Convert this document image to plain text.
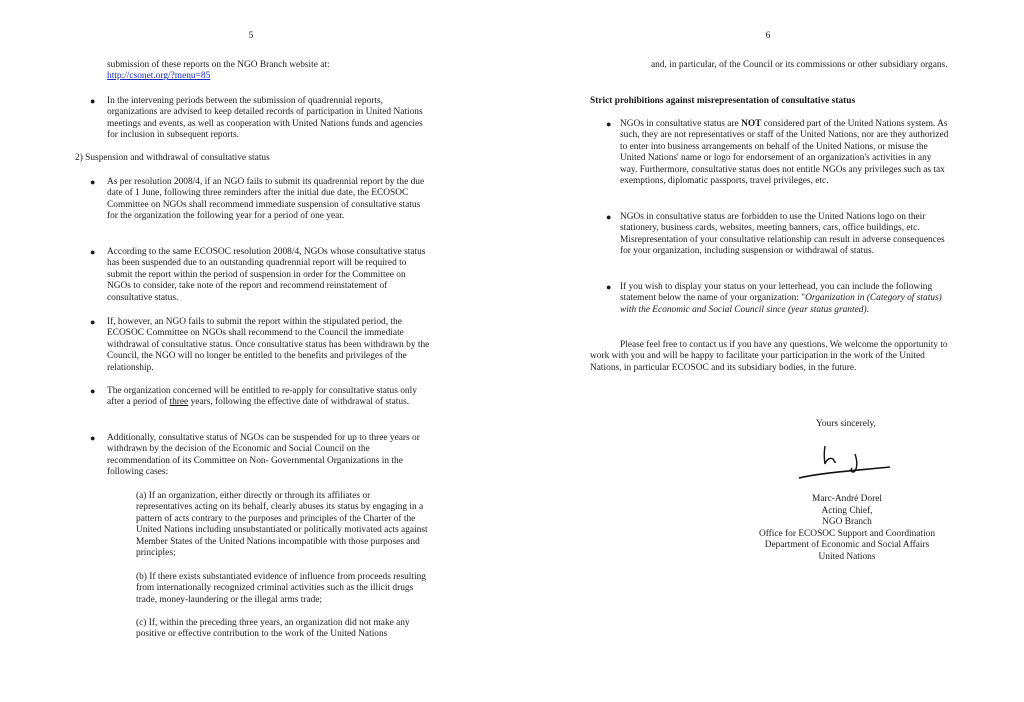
5
submission of these reports on the NGO Branch website at:
http://csonet.org/?menu=85
● In the intervening periods between the submission of quadrennial reports, organizations are advised to keep detailed records of participation in United Nations meetings and events, as well as cooperation with United Nations funds and agencies for inclusion in subsequent reports.

2) Suspension and withdrawal of consultative status
● As per resolution 2008/4, if an NGO fails to submit its quadrennial report by the due date of 1 June, following three reminders after the initial due date, the ECOSOC Committee on NGOs shall recommend immediate suspension of consultative status for the organization the following year for a period of one year.

● According to the same ECOSOC resolution 2008/4, NGOs whose consultative status has been suspended due to an outstanding quadrennial report will be required to submit the report within the period of suspension in order for the Committee on NGOs to consider, take note of the report and recommend reinstatement of consultative status.

● If, however, an NGO fails to submit the report within the stipulated period, the ECOSOC Committee on NGOs shall recommend to the Council the immediate withdrawal of consultative status. Once consultative status has been withdrawn by the Council, the NGO will no longer be entitled to the benefits and privileges of the relationship.

● The organization concerned will be entitled to re-apply for consultative status only after a period of three years, following the effective date of withdrawal of status.

● Additionally, consultative status of NGOs can be suspended for up to three years or withdrawn by the decision of the Economic and Social Council on the recommendation of its Committee on Non- Governmental Organizations in the following cases:

(a) If an organization, either directly or through its affiliates or representatives acting on its behalf, clearly abuses its status by engaging in a pattern of acts contrary to the purposes and principles of the Charter of the United Nations including unsubstantiated or politically motivated acts against Member States of the United Nations incompatible with those purposes and principles;
(b) If there exists substantiated evidence of influence from proceeds resulting from internationally recognized criminal activities such as the illicit drugs trade, money-laundering or the illegal arms trade;
(c) If, within the preceding three years, an organization did not make any positive or effective contribution to the work of the United Nations
6
and, in particular, of the Council or its commissions or other subsidiary organs.
Strict prohibitions against misrepresentation of consultative status
● NGOs in consultative status are NOT considered part of the United Nations system. As such, they are not representatives or staff of the United Nations, nor are they authorized to enter into business arrangements on behalf of the United Nations, or misuse the United Nations' name or logo for endorsement of an organization's activities in any way. Furthermore, consultative status does not entitle NGOs any privileges such as tax exemptions, diplomatic passports, travel privileges, etc.

● NGOs in consultative status are forbidden to use the United Nations logo on their stationery, business cards, websites, meeting banners, cars, office buildings, etc. Misrepresentation of your consultative relationship can result in adverse consequences for your organization, including suspension or withdrawal of status.

● If you wish to display your status on your letterhead, you can include the following statement below the name of your organization: "Organization in (Category of status) with the Economic and Social Council since (year status granted).

Please feel free to contact us if you have any questions. We welcome the opportunity to work with you and will be happy to facilitate your participation in the work of the United Nations, in particular ECOSOC and its subsidiary bodies, in the future.
Yours sincerely,
Marc-André Dorel
Acting Chief,
NGO Branch
Office for ECOSOC Support and Coordination
Department of Economic and Social Affairs
United Nations
